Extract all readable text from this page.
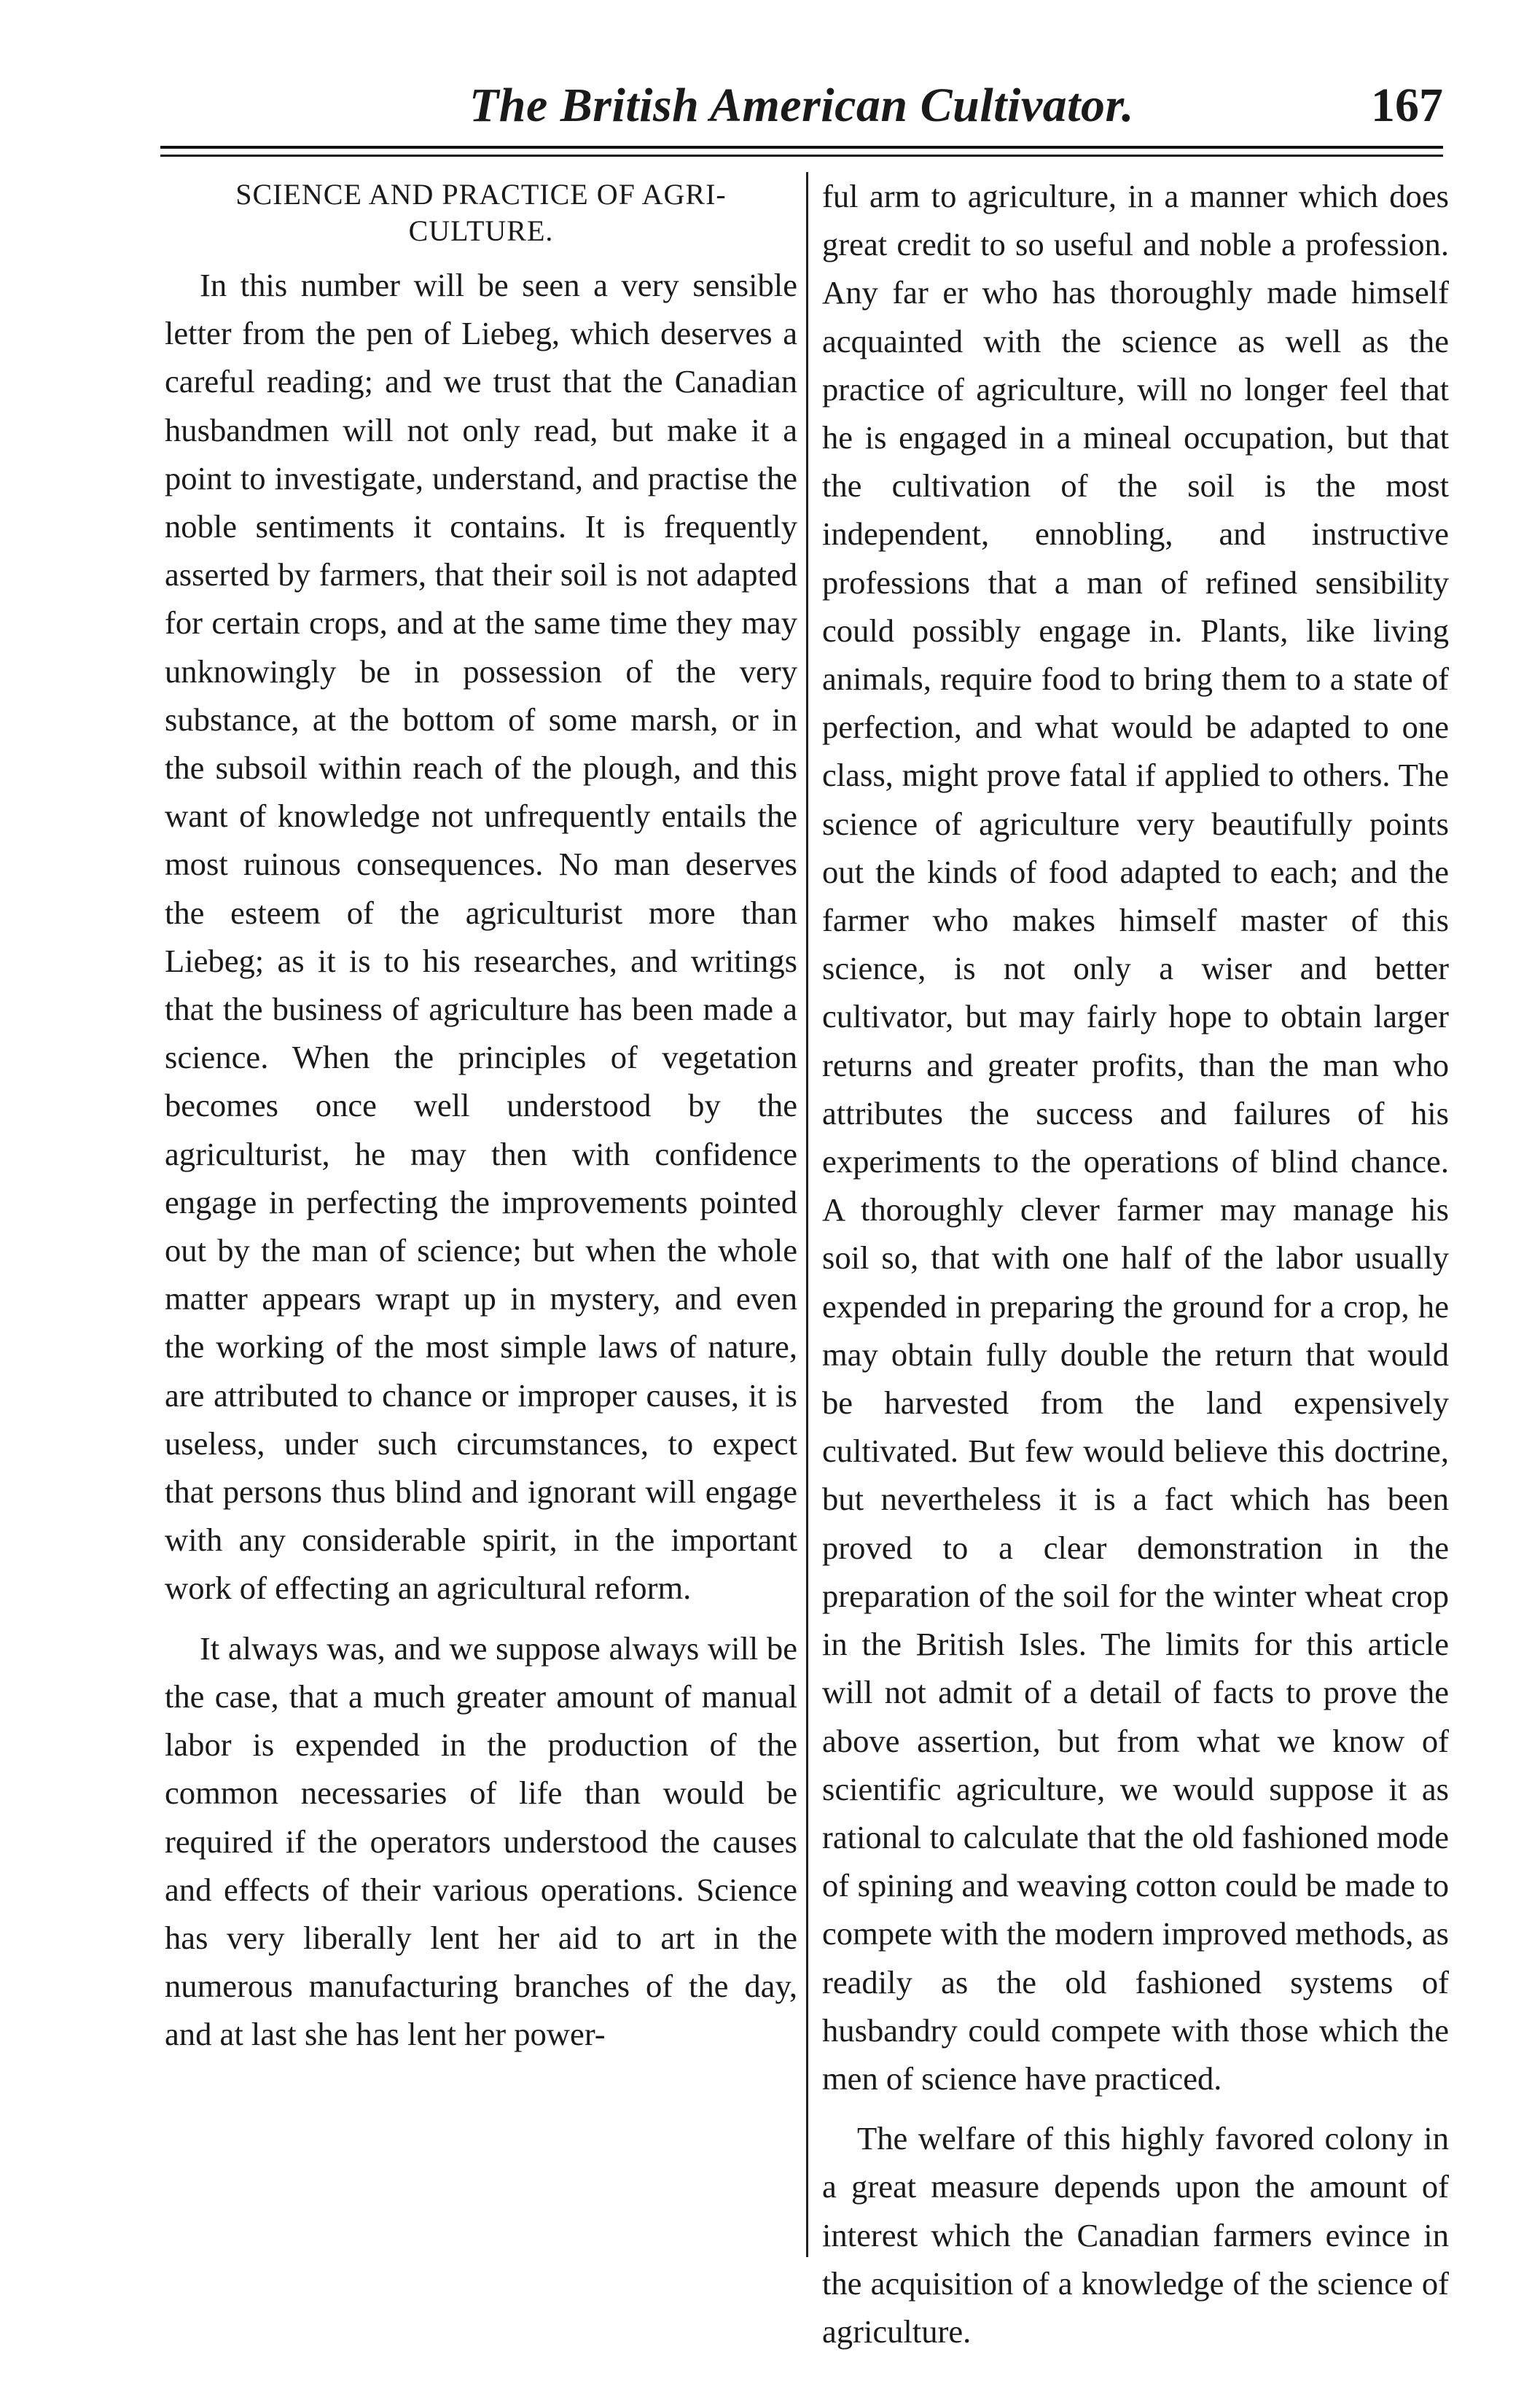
The British American Cultivator.	167
SCIENCE AND PRACTICE OF AGRI-
CULTURE.

In this number will be seen a very sensible letter from the pen of Liebeg, which deserves a careful reading; and we trust that the Canadian husbandmen will not only read, but make it a point to investigate, understand, and practise the noble sentiments it contains. It is frequently asserted by farmers, that their soil is not adapted for certain crops, and at the same time they may unknowingly be in possession of the very substance, at the bottom of some marsh, or in the subsoil within reach of the plough, and this want of knowledge not unfrequently entails the most ruinous consequences. No man deserves the esteem of the agriculturist more than Liebeg; as it is to his researches, and writings that the business of agriculture has been made a science. When the principles of vegetation becomes once well understood by the agriculturist, he may then with confidence engage in perfecting the improvements pointed out by the man of science; but when the whole matter appears wrapt up in mystery, and even the working of the most simple laws of nature, are attributed to chance or improper causes, it is useless, under such circumstances, to expect that persons thus blind and ignorant will engage with any considerable spirit, in the important work of effecting an agricultural reform.

It always was, and we suppose always will be the case, that a much greater amount of manual labor is expended in the production of the common necessaries of life than would be required if the operators understood the causes and effects of their various operations. Science has very liberally lent her aid to art in the numerous manufacturing branches of the day, and at last she has lent her power-

ful arm to agriculture, in a manner which does great credit to so useful and noble a profession. Any far er who has thoroughly made himself acquainted with the science as well as the practice of agriculture, will no longer feel that he is engaged in a mineal occupation, but that the cultivation of the soil is the most independent, ennobling, and instructive professions that a man of refined sensibility could possibly engage in. Plants, like living animals, require food to bring them to a state of perfection, and what would be adapted to one class, might prove fatal if applied to others. The science of agriculture very beautifully points out the kinds of food adapted to each; and the farmer who makes himself master of this science, is not only a wiser and better cultivator, but may fairly hope to obtain larger returns and greater profits, than the man who attributes the success and failures of his experiments to the operations of blind chance. A thoroughly clever farmer may manage his soil so, that with one half of the labor usually expended in preparing the ground for a crop, he may obtain fully double the return that would be harvested from the land expensively cultivated. But few would believe this doctrine, but nevertheless it is a fact which has been proved to a clear demonstration in the preparation of the soil for the winter wheat crop in the British Isles. The limits for this article will not admit of a detail of facts to prove the above assertion, but from what we know of scientific agriculture, we would suppose it as rational to calculate that the old fashioned mode of spining and weaving cotton could be made to compete with the modern improved methods, as readily as the old fashioned systems of husbandry could compete with those which the men of science have practiced.

The welfare of this highly favored colony in a great measure depends upon the amount of interest which the Canadian farmers evince in the acquisition of a knowledge of the science of agriculture.
